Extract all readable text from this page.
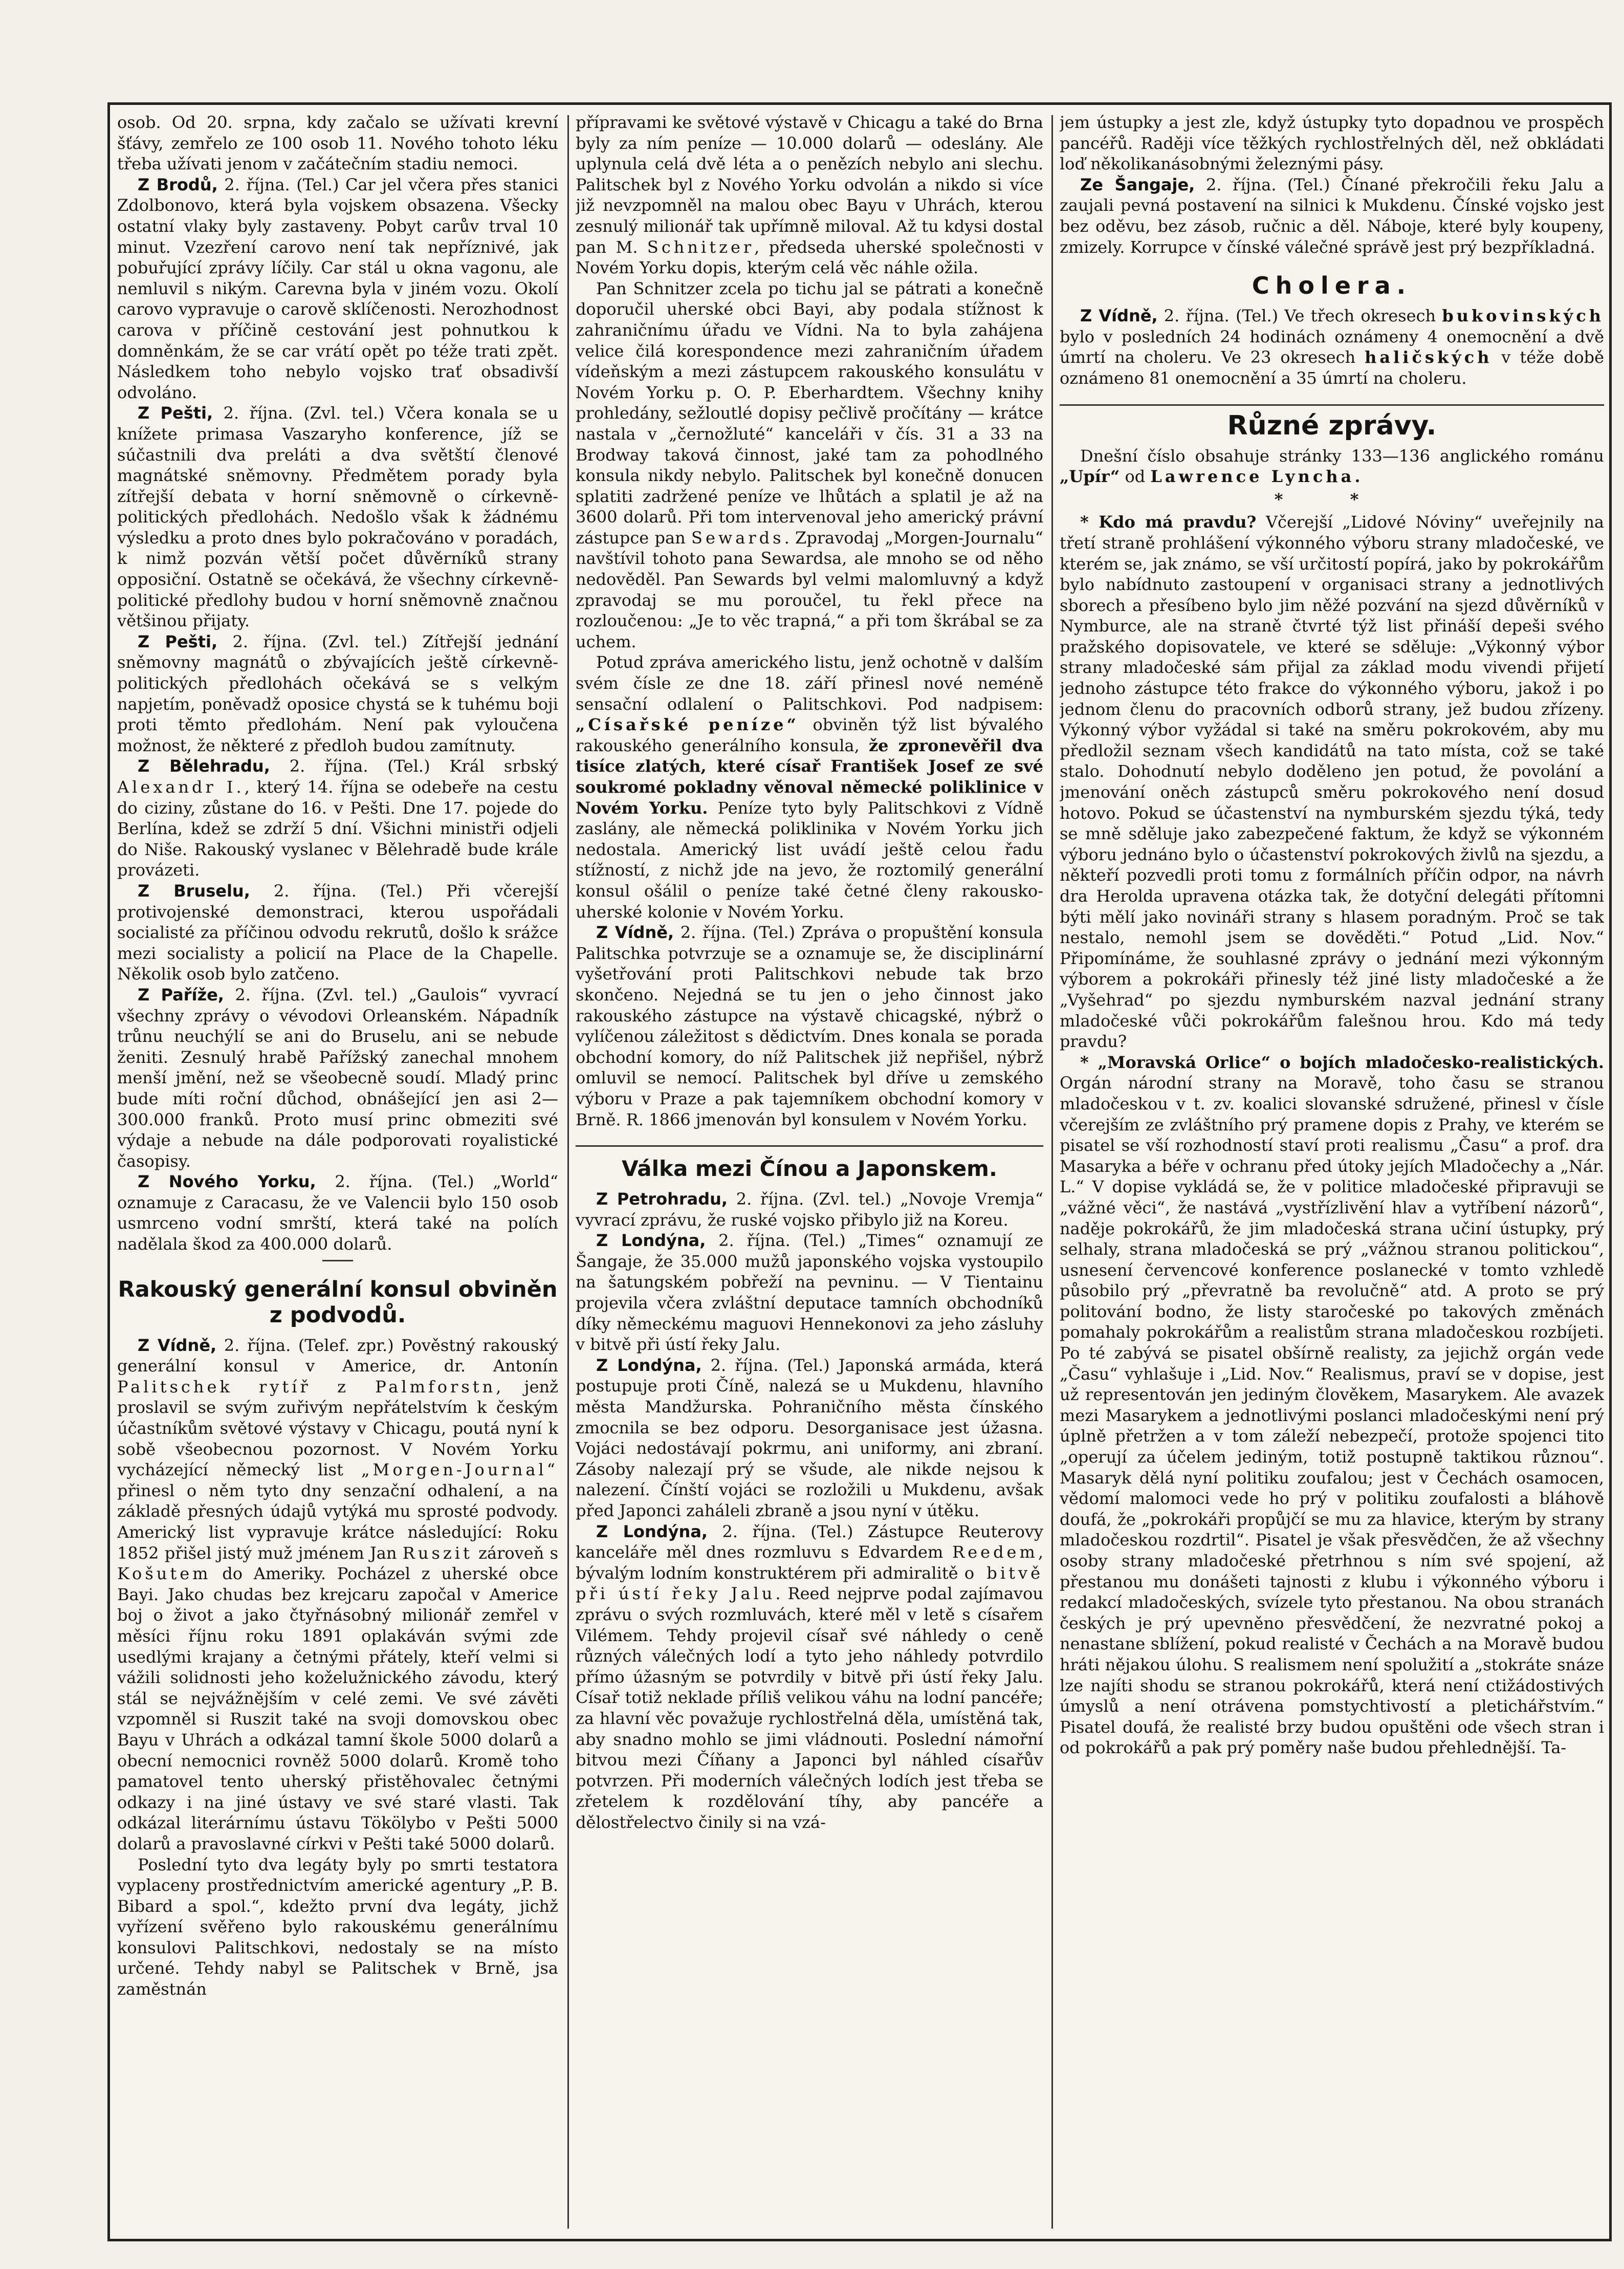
osob. Od 20. srpna, kdy začalo se užívati krevní šťávy, zemřelo ze 100 osob 11. Nového tohoto léku třeba užívati jenom v začátečním stadiu nemoci.

Z Brodů, 2. října. (Tel.) Car jel včera přes stanici Zdolbonovo, která byla vojskem obsazena. Všecky ostatní vlaky byly zastaveny. Pobyt carův trval 10 minut. Vzezření carovo není tak nepříznivé, jak pobuřující zprávy líčily. Car stál u okna vagonu, ale nemluvil s nikým. Carevna byla v jiném vozu. Okolí carovo vypravuje o carově sklíčenosti. Nerozhodnost carova v příčině cestování jest pohnutkou k domněnkám, že se car vrátí opět po téže trati zpět. Následkem toho nebylo vojsko trať obsadivší odvoláno.

Z Pešti, 2. října. (Zvl. tel.) Včera konala se u knížete primasa Vaszaryho konference, jíž se súčastnili dva preláti a dva světští členové magnátské sněmovny. Předmětem porady byla zítřejší debata v horní sněmovně o církevně-politických předlohách. Nedošlo však k žádnému výsledku a proto dnes bylo pokračováno v poradách, k nimž pozván větší počet důvěrníků strany opposiční. Ostatně se očekává, že všechny církevně-politické předlohy budou v horní sněmovně značnou většinou přijaty.

Z Pešti, 2. října. (Zvl. tel.) Zítřejší jednání sněmovny magnátů o zbývajících ještě církevně-politických předlohách očekává se s velkým napjetím, poněvadž oposice chystá se k tuhému boji proti těmto předlohám. Není pak vyloučena možnost, že některé z předloh budou zamítnuty.

Z Bělehradu, 2. října. (Tel.) Král srbský Alexandr I., který 14. října se odebeře na cestu do ciziny, zůstane do 16. v Pešti. Dne 17. pojede do Berlína, kdež se zdrží 5 dní. Všichni ministři odjeli do Niše. Rakouský vyslanec v Bělehradě bude krále provázeti.

Z Bruselu, 2. října. (Tel.) Při včerejší protivojenské demonstraci, kterou uspořádali socialisté za příčinou odvodu rekrutů, došlo k srážce mezi socialisty a policií na Place de la Chapelle. Několik osob bylo zatčeno.

Z Paříže, 2. října. (Zvl. tel.) „Gaulois“ vyvrací všechny zprávy o vévodovi Orleanském. Nápadník trůnu neuchýlí se ani do Bruselu, ani se nebude ženiti. Zesnulý hrabě Pařížský zanechal mnohem menší jmění, než se všeobecně soudí. Mladý princ bude míti roční důchod, obnášející jen asi 2—300.000 franků. Proto musí princ obmeziti své výdaje a nebude na dále podporovati royalistické časopisy.

Z Nového Yorku, 2. října. (Tel.) „World“ oznamuje z Caracasu, že ve Valencii bylo 150 osob usmrceno vodní smrští, která také na polích nadělala škod za 400.000 dolarů.

Rakouský generální konsul obviněn z podvodů.

Z Vídně, 2. října. (Telef. zpr.) Pověstný rakouský generální konsul v Americe, dr. Antonín Palitschek rytíř z Palmforstn, jenž proslavil se svým zuřivým nepřátelstvím k českým účastníkům světové výstavy v Chicagu, poutá nyní k sobě všeobecnou pozornost. V Novém Yorku vycházející německý list „Morgen-Journal“ přinesl o něm tyto dny senzační odhalení, a na základě přesných údajů vytýká mu sprosté podvody. Americký list vypravuje krátce následující: Roku 1852 přišel jistý muž jménem Jan Ruszit zároveň s Košutem do Ameriky. Pocházel z uherské obce Bayi. Jako chudas bez krejcaru započal v Americe boj o život a jako čtyřnásobný milionář zemřel v měsíci říjnu roku 1891 oplakáván svými zde usedlými krajany a četnými přátely, kteří velmi si vážili solidnosti jeho koželužnického závodu, který stál se nejvážnějším v celé zemi. Ve své závěti vzpomněl si Ruszit také na svoji domovskou obec Bayu v Uhrách a odkázal tamní škole 5000 dolarů a obecní nemocnici rovněž 5000 dolarů. Kromě toho pamatovel tento uherský přistěhovalec četnými odkazy i na jiné ústavy ve své staré vlasti. Tak odkázal literárnímu ústavu Tökölybo v Pešti 5000 dolarů a pravoslavné církvi v Pešti také 5000 dolarů.

Poslední tyto dva legáty byly po smrti testatora vyplaceny prostřednictvím americké agentury „P. B. Bibard a spol.“, kdežto první dva legáty, jichž vyřízení svěřeno bylo rakouskému generálnímu konsulovi Palitschkovi, nedostaly se na místo určené. Tehdy nabyl se Palitschek v Brně, jsa zaměstnán

přípravami ke světové výstavě v Chicagu a také do Brna byly za ním peníze — 10.000 dolarů — odeslány. Ale uplynula celá dvě léta a o penězích nebylo ani slechu. Palitschek byl z Nového Yorku odvolán a nikdo si více již nevzpomněl na malou obec Bayu v Uhrách, kterou zesnulý milionář tak upřímně miloval. Až tu kdysi dostal pan M. Schnitzer, předseda uherské společnosti v Novém Yorku dopis, kterým celá věc náhle ožila.

Pan Schnitzer zcela po tichu jal se pátrati a konečně doporučil uherské obci Bayi, aby podala stížnost k zahraničnímu úřadu ve Vídni. Na to byla zahájena velice čilá korespondence mezi zahraničním úřadem vídeňským a mezi zástupcem rakouského konsulátu v Novém Yorku p. O. P. Eberhardtem. Všechny knihy prohledány, sežloutlé dopisy pečlivě pročítány — krátce nastala v „černožluté“ kanceláři v čís. 31 a 33 na Brodway taková činnost, jaké tam za pohodlného konsula nikdy nebylo. Palitschek byl konečně donucen splatiti zadržené peníze ve lhůtách a splatil je až na 3600 dolarů. Při tom intervenoval jeho americký právní zástupce pan Sewards. Zpravodaj „Morgen-Journalu“ navštívil tohoto pana Sewardsa, ale mnoho se od něho nedověděl. Pan Sewards byl velmi malomluvný a když zpravodaj se mu poroučel, tu řekl přece na rozloučenou: „Je to věc trapná,“ a při tom škrábal se za uchem.

Potud zpráva amerického listu, jenž ochotně v dalším svém čísle ze dne 18. září přinesl nové neméně sensační odlalení o Palitschkovi. Pod nadpisem: „Císařské peníze“ obviněn týž list bývalého rakouského generálního konsula, že zpronevěřil dva tisíce zlatých, které císař František Josef ze své soukromé pokladny věnoval německé poliklinice v Novém Yorku. Peníze tyto byly Palitschkovi z Vídně zaslány, ale německá poliklinika v Novém Yorku jich nedostala. Americký list uvádí ještě celou řadu stížností, z nichž jde na jevo, že roztomilý generální konsul ošálil o peníze také četné členy rakousko-uherské kolonie v Novém Yorku.

Z Vídně, 2. října. (Tel.) Zpráva o propuštění konsula Palitschka potvrzuje se a oznamuje se, že disciplinární vyšetřování proti Palitschkovi nebude tak brzo skončeno. Nejedná se tu jen o jeho činnost jako rakouského zástupce na výstavě chicagské, nýbrž o vylíčenou záležitost s dědictvím. Dnes konala se porada obchodní komory, do níž Palitschek již nepřišel, nýbrž omluvil se nemocí. Palitschek byl dříve u zemského výboru v Praze a pak tajemníkem obchodní komory v Brně. R. 1866 jmenován byl konsulem v Novém Yorku.

Válka mezi Čínou a Japonskem.

Z Petrohradu, 2. října. (Zvl. tel.) „Novoje Vremja“ vyvrací zprávu, že ruské vojsko přibylo již na Koreu.

Z Londýna, 2. října. (Tel.) „Times“ oznamují ze Šangaje, že 35.000 mužů japonského vojska vystoupilo na šatungském pobřeží na pevninu. — V Tientainu projevila včera zvláštní deputace tamních obchodníků díky německému maguovi Hennekonovi za jeho zásluhy v bitvě při ústí řeky Jalu.

Z Londýna, 2. října. (Tel.) Japonská armáda, která postupuje proti Číně, nalezá se u Mukdenu, hlavního města Mandžurska. Pohraničního města čínského zmocnila se bez odporu. Desorganisace jest úžasna. Vojáci nedostávají pokrmu, ani uniformy, ani zbraní. Zásoby nalezají prý se všude, ale nikde nejsou k nalezení. Čínští vojáci se rozložili u Mukdenu, avšak před Japonci zaháleli zbraně a jsou nyní v útěku.

Z Londýna, 2. října. (Tel.) Zástupce Reuterovy kanceláře měl dnes rozmluvu s Edvardem Reedem, bývalým lodním konstruktérem při admiralitě o bitvě při ústí řeky Jalu. Reed nejprve podal zajímavou zprávu o svých rozmluvách, které měl v letě s císařem Vilémem. Tehdy projevil císař své náhledy o ceně různých válečných lodí a tyto jeho náhledy potvrdilo přímo úžasným se potvrdily v bitvě při ústí řeky Jalu. Císař totiž neklade příliš velikou váhu na lodní pancéře; za hlavní věc považuje rychlostřelná děla, umístěná tak, aby snadno mohlo se jimi vládnouti. Poslední námořní bitvou mezi Číňany a Japonci byl náhled císařův potvrzen. Při moderních válečných lodích jest třeba se zřetelem k rozdělování tíhy, aby pancéře a dělostřelectvo činily si na vzá-

jem ústupky a jest zle, když ústupky tyto dopadnou ve prospěch pancéřů. Raději více těžkých rychlostřelných děl, než obkládati loď několikanásobnými železnými pásy.

Ze Šangaje, 2. října. (Tel.) Čínané překročili řeku Jalu a zaujali pevná postavení na silnici k Mukdenu. Čínské vojsko jest bez oděvu, bez zásob, ručnic a děl. Náboje, které byly koupeny, zmizely. Korrupce v čínské válečné správě jest prý bezpříkladná.

Cholera.

Z Vídně, 2. října. (Tel.) Ve třech okresech bukovinských bylo v posledních 24 hodinách oznámeny 4 onemocnění a dvě úmrtí na choleru. Ve 23 okresech haličských v téže době oznámeno 81 onemocnění a 35 úmrtí na choleru.

Různé zprávy.

Dnešní číslo obsahuje stránky 133—136 anglického románu „Upír“ od Lawrence Lyncha.

* *

* Kdo má pravdu? Včerejší „Lidové Nóviny“ uveřejnily na třetí straně prohlášení výkonného výboru strany mladočeské, ve kterém se, jak známo, se vší určitostí popírá, jako by pokrokářům bylo nabídnuto zastoupení v organisaci strany a jednotlivých sborech a přesíbeno bylo jim něžé pozvání na sjezd důvěrníků v Nymburce, ale na straně čtvrté týž list přináší depeši svého pražského dopisovatele, ve které se sděluje: „Výkonný výbor strany mladočeské sám přijal za základ modu vivendi přijetí jednoho zástupce této frakce do výkonného výboru, jakož i po jednom členu do pracovních odborů strany, jež budou zřízeny. Výkonný výbor vyžádal si také na směru pokrokovém, aby mu předložil seznam všech kandidátů na tato místa, což se také stalo. Dohodnutí nebylo doděleno jen potud, že povolání a jmenování oněch zástupců směru pokrokového není dosud hotovo. Pokud se účastenství na nymburském sjezdu týká, tedy se mně sděluje jako zabezpečené faktum, že když se výkonném výboru jednáno bylo o účastenství pokrokových živlů na sjezdu, a někteří pozvedli proti tomu z formálních příčin odpor, na návrh dra Herolda upravena otázka tak, že dotyční delegáti přítomni býti mělí jako novináři strany s hlasem poradným. Proč se tak nestalo, nemohl jsem se dověděti.“ Potud „Lid. Nov.“ Připomínáme, že souhlasné zprávy o jednání mezi výkonným výborem a pokrokáři přinesly též jiné listy mladočeské a že „Vyšehrad“ po sjezdu nymburském nazval jednání strany mladočeské vůči pokrokářům falešnou hrou. Kdo má tedy pravdu?

* „Moravská Orlice“ o bojích mladočesko-realistických. Orgán národní strany na Moravě, toho času se stranou mladočeskou v t. zv. koalici slovanské sdružené, přinesl v čísle včerejším ze zvláštního prý pramene dopis z Prahy, ve kterém se pisatel se vší rozhodností staví proti realismu „Času“ a prof. dra Masaryka a béře v ochranu před útoky jejích Mladočechy a „Nár. L.“ V dopise vykládá se, že v politice mladočeské připravuji se „vážné věci“, že nastává „vystřízlivění hlav a vytříbení názorů“, naděje pokrokářů, že jim mladočeská strana učiní ústupky, prý selhaly, strana mladočeská se prý „vážnou stranou politickou“, usnesení červencové konference poslanecké v tomto vzhledě působilo prý „převratně ba revolučně“ atd. A proto se prý politování bodno, že listy staročeské po takových změnách pomahaly pokrokářům a realistům strana mladočeskou rozbíjeti. Po té zabývá se pisatel obšírně realisty, za jejichž orgán vede „Času“ vyhlašuje i „Lid. Nov.“ Realismus, praví se v dopise, jest už representován jen jediným člověkem, Masarykem. Ale avazek mezi Masarykem a jednotlivými poslanci mladočeskými není prý úplně přetržen a v tom záleží nebezpečí, protože spojenci tito „operují za účelem jediným, totiž postupně taktikou různou“. Masaryk dělá nyní politiku zoufalou; jest v Čechách osamocen, vědomí malomoci vede ho prý v politiku zoufalosti a bláhově doufá, že „pokrokáři propůjčí se mu za hlavice, kterým by strany mladočeskou rozdrtil“. Pisatel je však přesvědčen, že až všechny osoby strany mladočeské přetrhnou s ním své spojení, až přestanou mu donášeti tajnosti z klubu i výkonného výboru i redakcí mladočeských, svízele tyto přestanou. Na obou stranách českých je prý upevněno přesvědčení, že nezvratné pokoj a nenastane sblížení, pokud realisté v Čechách a na Moravě budou hráti nějakou úlohu. S realismem není spolužití a „stokráte snáze lze najíti shodu se stranou pokrokářů, která není ctižádostivých úmyslů a není otrávena pomstychtivostí a pletichářstvím.“ Pisatel doufá, že realisté brzy budou opuštěni ode všech stran i od pokrokářů a pak prý poměry naše budou přehlednější. Ta-
